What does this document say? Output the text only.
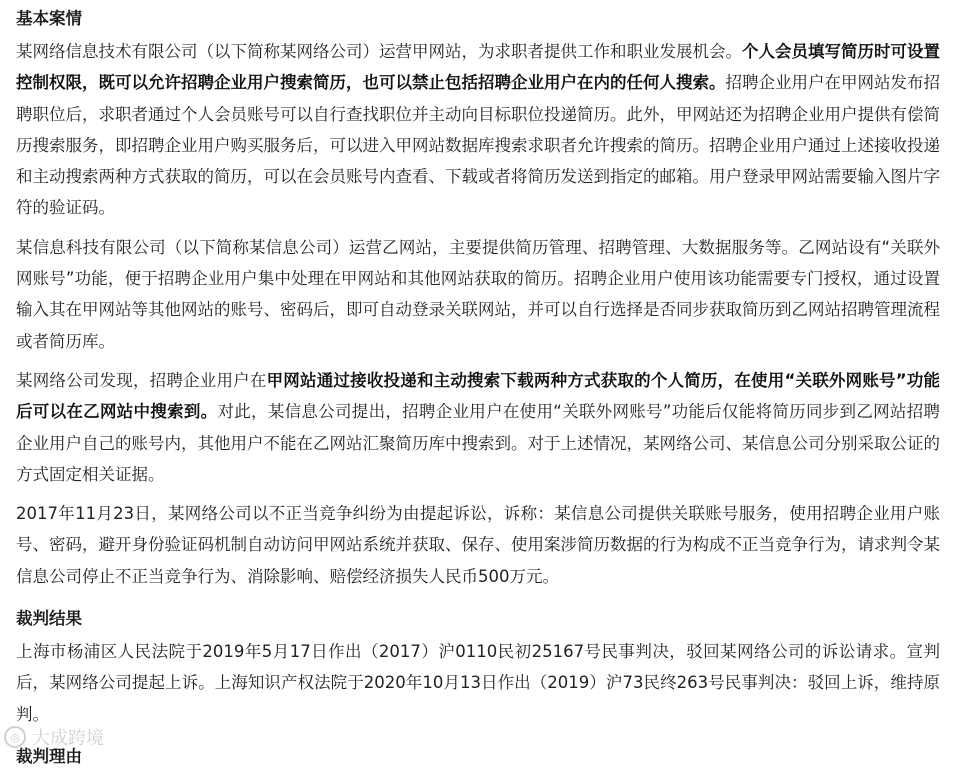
基本案情

某网络信息技术有限公司（以下简称某网络公司）运营甲网站，为求职者提供工作和职业发展机会。个人会员填写简历时可设置控制权限，既可以允许招聘企业用户搜索简历，也可以禁止包括招聘企业用户在内的任何人搜索。招聘企业用户在甲网站发布招聘职位后，求职者通过个人会员账号可以自行查找职位并主动向目标职位投递简历。此外，甲网站还为招聘企业用户提供有偿简历搜索服务，即招聘企业用户购买服务后，可以进入甲网站数据库搜索求职者允许搜索的简历。招聘企业用户通过上述接收投递和主动搜索两种方式获取的简历，可以在会员账号内查看、下载或者将简历发送到指定的邮箱。用户登录甲网站需要输入图片字符的验证码。

某信息科技有限公司（以下简称某信息公司）运营乙网站，主要提供简历管理、招聘管理、大数据服务等。乙网站设有“关联外网账号”功能，便于招聘企业用户集中处理在甲网站和其他网站获取的简历。招聘企业用户使用该功能需要专门授权，通过设置输入其在甲网站等其他网站的账号、密码后，即可自动登录关联网站，并可以自行选择是否同步获取简历到乙网站招聘管理流程或者简历库。

某网络公司发现，招聘企业用户在甲网站通过接收投递和主动搜索下载两种方式获取的个人简历，在使用“关联外网账号”功能后可以在乙网站中搜索到。对此，某信息公司提出，招聘企业用户在使用“关联外网账号”功能后仅能将简历同步到乙网站招聘企业用户自己的账号内，其他用户不能在乙网站汇聚简历库中搜索到。对于上述情况，某网络公司、某信息公司分别采取公证的方式固定相关证据。

2017年11月23日，某网络公司以不正当竞争纠纷为由提起诉讼，诉称：某信息公司提供关联账号服务，使用招聘企业用户账号、密码，避开身份验证码机制自动访问甲网站系统并获取、保存、使用案涉简历数据的行为构成不正当竞争行为，请求判令某信息公司停止不正当竞争行为、消除影响、赔偿经济损失人民币500万元。

裁判结果

上海市杨浦区人民法院于2019年5月17日作出（2017）沪0110民初25167号民事判决，驳回某网络公司的诉讼请求。宣判后，某网络公司提起上诉。上海知识产权法院于2020年10月13日作出（2019）沪73民终263号民事判决：驳回上诉，维持原判。

裁判理由
◎ 大成跨境
